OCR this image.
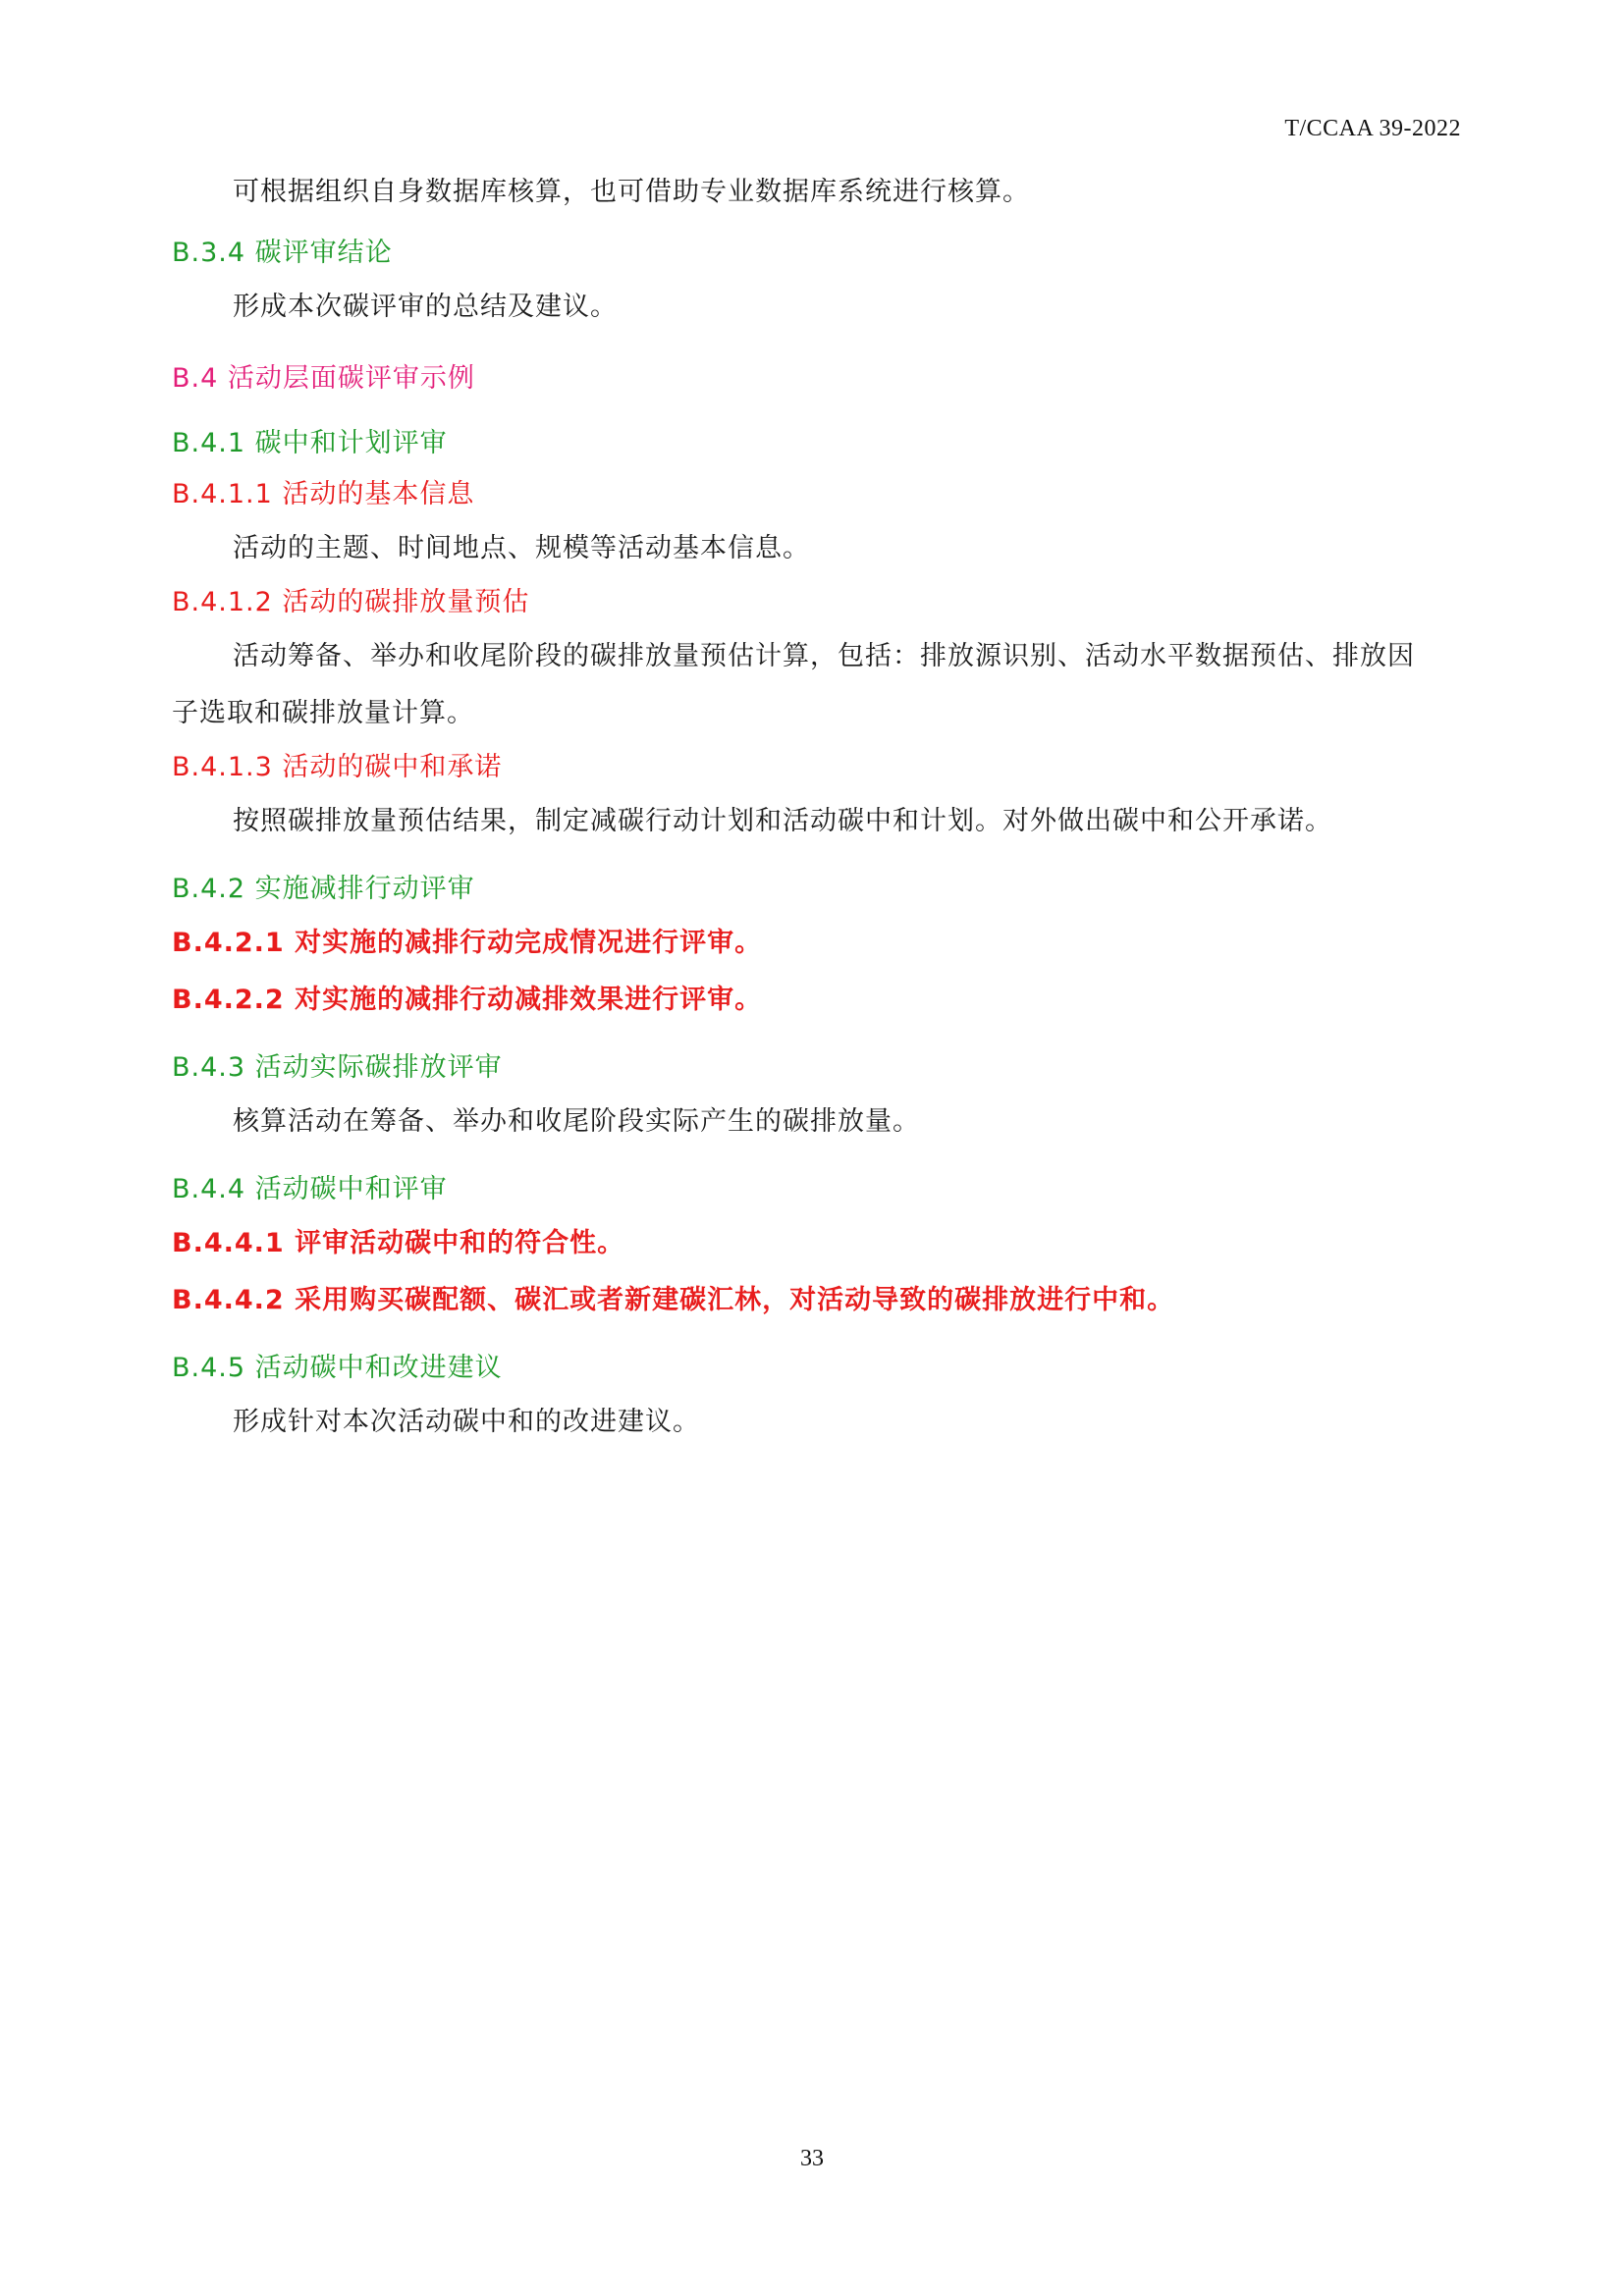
T/CCAA 39-2022

可根据组织自身数据库核算，也可借助专业数据库系统进行核算。

B.3.4 碳评审结论

形成本次碳评审的总结及建议。

B.4 活动层面碳评审示例

B.4.1 碳中和计划评审

B.4.1.1 活动的基本信息

活动的主题、时间地点、规模等活动基本信息。

B.4.1.2 活动的碳排放量预估

活动筹备、举办和收尾阶段的碳排放量预估计算，包括：排放源识别、活动水平数据预估、排放因

子选取和碳排放量计算。

B.4.1.3 活动的碳中和承诺

按照碳排放量预估结果，制定减碳行动计划和活动碳中和计划。对外做出碳中和公开承诺。

B.4.2 实施减排行动评审

B.4.2.1 对实施的减排行动完成情况进行评审。

B.4.2.2 对实施的减排行动减排效果进行评审。

B.4.3 活动实际碳排放评审

核算活动在筹备、举办和收尾阶段实际产生的碳排放量。

B.4.4 活动碳中和评审

B.4.4.1 评审活动碳中和的符合性。

B.4.4.2 采用购买碳配额、碳汇或者新建碳汇林，对活动导致的碳排放进行中和。

B.4.5 活动碳中和改进建议

形成针对本次活动碳中和的改进建议。

33
